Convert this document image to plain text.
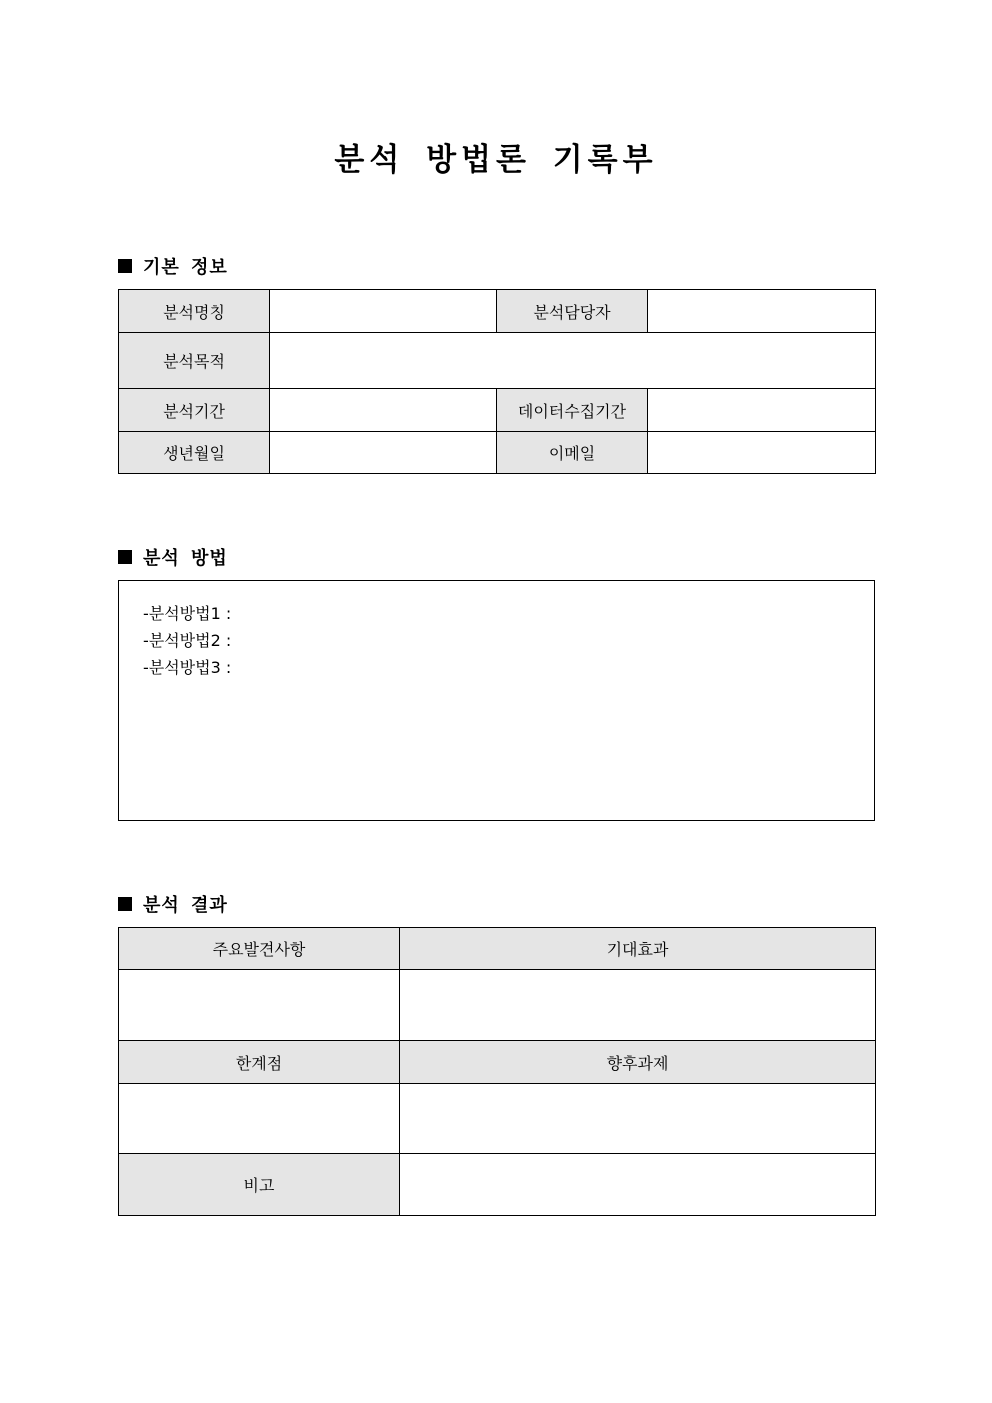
분석 방법론 기록부
기본 정보
분석명칭		분석담당자	
분석목적			
분석기간		데이터수집기간	
생년월일		이메일	
분석 방법
-분석방법1 :
-분석방법2 :
-분석방법3 :
분석 결과
주요발견사항	기대효과

한계점	향후과제

비고	
